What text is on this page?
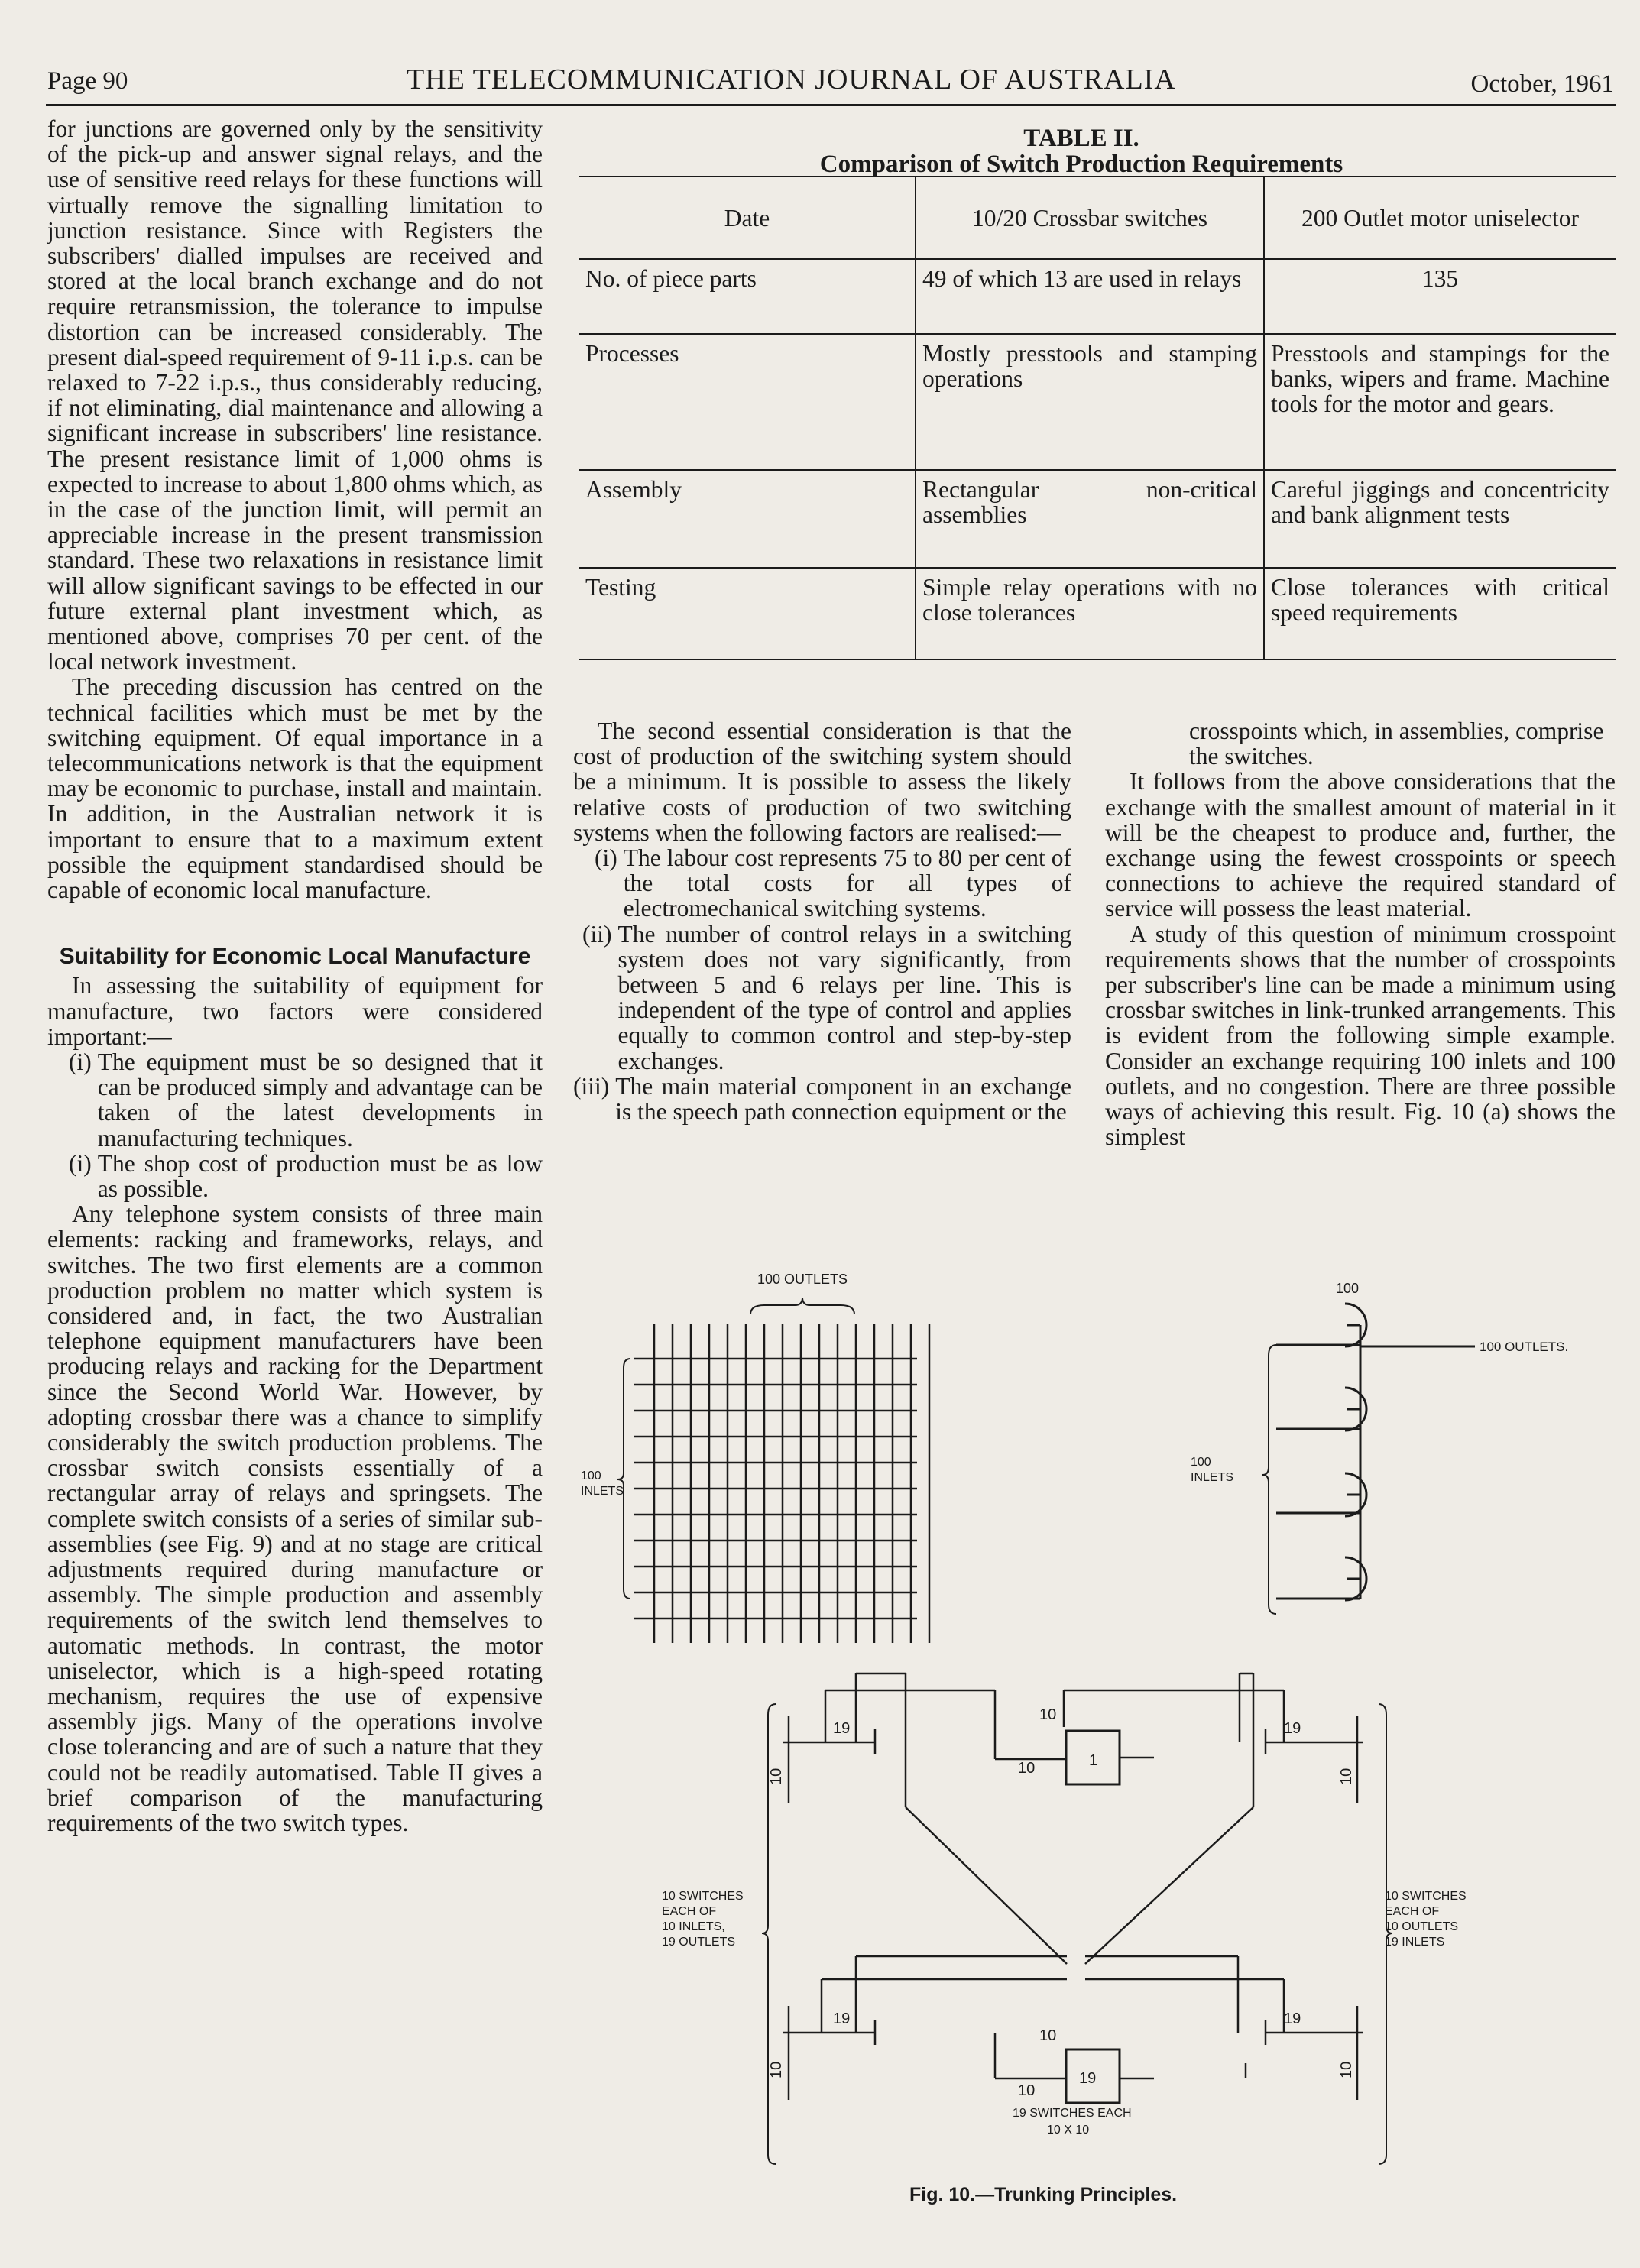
Page 90	THE TELECOMMUNICATION JOURNAL OF AUSTRALIA	October, 1961

for junctions are governed only by the sensitivity of the pick-up and answer signal relays, and the use of sensitive reed relays for these functions will virtually remove the signalling limitation to junction resistance. Since with Registers the subscribers' dialled impulses are received and stored at the local branch exchange and do not require retransmission, the tolerance to impulse distortion can be increased considerably. The present dial-speed requirement of 9-11 i.p.s. can be relaxed to 7-22 i.p.s., thus considerably reducing, if not eliminating, dial maintenance and allowing a significant increase in subscribers' line resistance. The present resistance limit of 1,000 ohms is expected to increase to about 1,800 ohms which, as in the case of the junction limit, will permit an appreciable increase in the present transmission standard. These two relaxations in resistance limit will allow significant savings to be effected in our future external plant investment which, as mentioned above, comprises 70 per cent. of the local network investment.

The preceding discussion has centred on the technical facilities which must be met by the switching equipment. Of equal importance in a telecommunications network is that the equipment may be economic to purchase, install and maintain. In addition, in the Australian network it is important to ensure that to a maximum extent possible the equipment standardised should be capable of economic local manufacture.

Suitability for Economic Local Manufacture

In assessing the suitability of equipment for manufacture, two factors were considered important:—

(i) The equipment must be so designed that it can be produced simply and advantage can be taken of the latest developments in manufacturing techniques.
(i) The shop cost of production must be as low as possible.

Any telephone system consists of three main elements: racking and frameworks, relays, and switches. The two first elements are a common production problem no matter which system is considered and, in fact, the two Australian telephone equipment manufacturers have been producing relays and racking for the Department since the Second World War. However, by adopting crossbar there was a chance to simplify considerably the switch production problems. The crossbar switch consists essentially of a rectangular array of relays and springsets. The complete switch consists of a series of similar sub-assemblies (see Fig. 9) and at no stage are critical adjustments required during manufacture or assembly. The simple production and assembly requirements of the switch lend themselves to automatic methods. In contrast, the motor uniselector, which is a high-speed rotating mechanism, requires the use of expensive assembly jigs. Many of the operations involve close tolerancing and are of such a nature that they could not be readily automatised. Table II gives a brief comparison of the manufacturing requirements of the two switch types.

TABLE II.
Comparison of Switch Production Requirements
Date	10/20 Crossbar switches	200 Outlet motor uniselector
No. of piece parts	49 of which 13 are used in relays	135
Processes	Mostly presstools and stamping operations	Presstools and stampings for the banks, wipers and frame. Machine tools for the motor and gears.
Assembly	Rectangular non-critical assemblies	Careful jiggings and concentricity and bank alignment tests
Testing	Simple relay operations with no close tolerances	Close tolerances with critical speed requirements

The second essential consideration is that the cost of production of the switching system should be a minimum. It is possible to assess the likely relative costs of production of two switching systems when the following factors are realised:—

(i) The labour cost represents 75 to 80 per cent of the total costs for all types of electromechanical switching systems.
(ii) The number of control relays in a switching system does not vary significantly, from between 5 and 6 relays per line. This is independent of the type of control and applies equally to common control and step-by-step exchanges.
(iii) The main material component in an exchange is the speech path connection equipment or the

crosspoints which, in assemblies, comprise the switches.

It follows from the above considerations that the exchange with the smallest amount of material in it will be the cheapest to produce and, further, the exchange using the fewest crosspoints or speech connections to achieve the required standard of service will possess the least material.

A study of this question of minimum crosspoint requirements shows that the number of crosspoints per subscriber's line can be made a minimum using crossbar switches in link-trunked arrangements. This is evident from the following simple example. Consider an exchange requiring 100 inlets and 100 outlets, and no congestion. There are three possible ways of achieving this result. Fig. 10 (a) shows the simplest

100 OUTLETS
100
INLETS
100
100 OUTLETS.
100
INLETS
10 SWITCHES
EACH OF
10 INLETS,
19 OUTLETS
10 SWITCHES
EACH OF
10 OUTLETS
19 INLETS
19 SWITCHES EACH
10 X 10
19
10
1
10
19
10	10
19
10
19
10
19
10	10
Fig. 10.—Trunking Principles.
